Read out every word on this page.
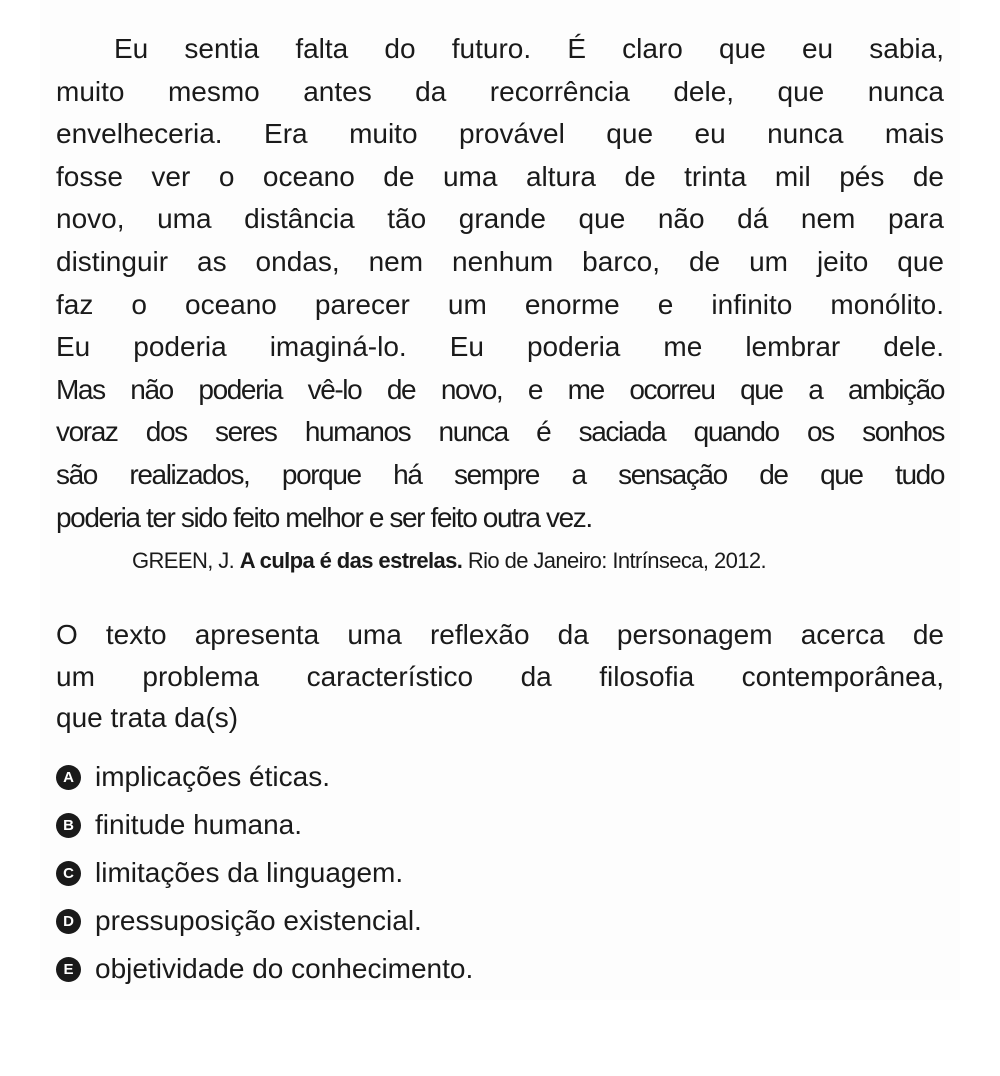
Eu sentia falta do futuro. É claro que eu sabia,
muito mesmo antes da recorrência dele, que nunca
envelheceria. Era muito provável que eu nunca mais
fosse ver o oceano de uma altura de trinta mil pés de
novo, uma distância tão grande que não dá nem para
distinguir as ondas, nem nenhum barco, de um jeito que
faz o oceano parecer um enorme e infinito monólito.
Eu poderia imaginá-lo. Eu poderia me lembrar dele.
Mas não poderia vê-lo de novo, e me ocorreu que a ambição
voraz dos seres humanos nunca é saciada quando os sonhos
são realizados, porque há sempre a sensação de que tudo
poderia ter sido feito melhor e ser feito outra vez.
GREEN, J. A culpa é das estrelas. Rio de Janeiro: Intrínseca, 2012.
O texto apresenta uma reflexão da personagem acerca de
um problema característico da filosofia contemporânea,
que trata da(s)
A implicações éticas.
B finitude humana.
C limitações da linguagem.
D pressuposição existencial.
E objetividade do conhecimento.
